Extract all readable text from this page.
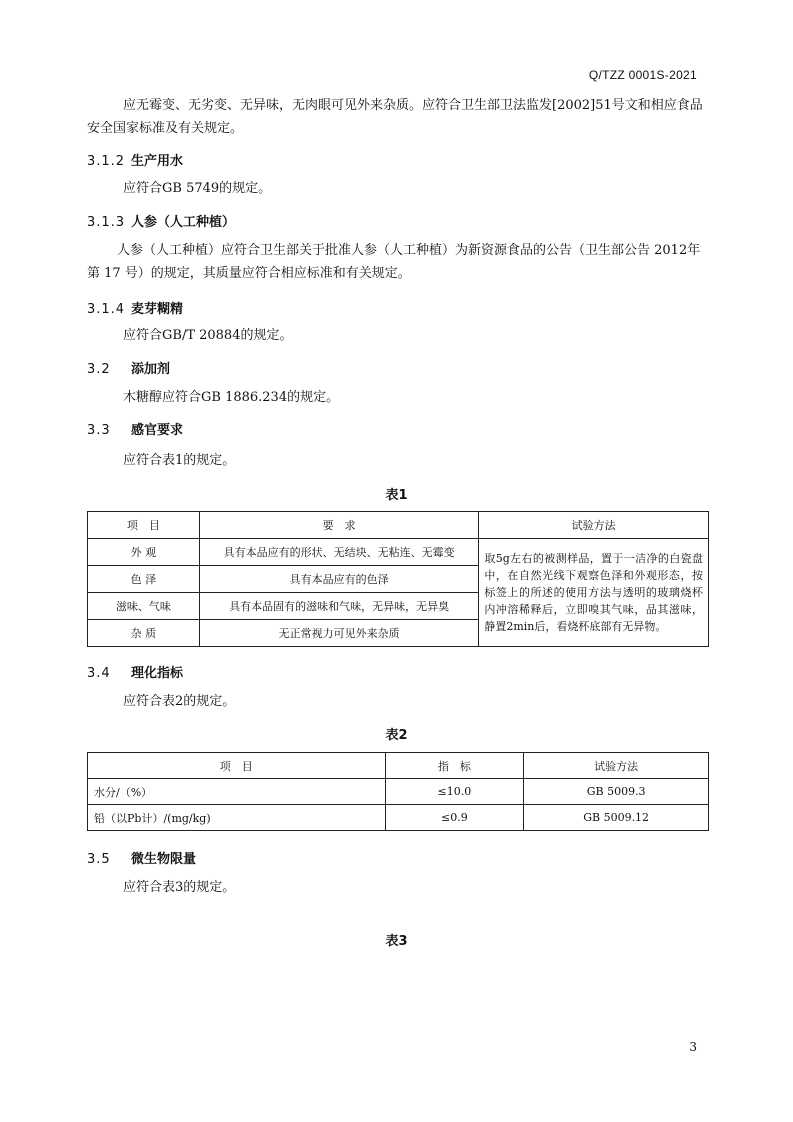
Q/TZZ 0001S-2021
应无霉变、无劣变、无异味，无肉眼可见外来杂质。应符合卫生部卫法监发[2002]51号文和相应食品安全国家标准及有关规定。
3.1.2 生产用水
应符合GB 5749的规定。
3.1.3 人参（人工种植）
人参（人工种植）应符合卫生部关于批准人参（人工种植）为新资源食品的公告（卫生部公告 2012年第 17 号）的规定，其质量应符合相应标准和有关规定。
3.1.4 麦芽糊精
应符合GB/T 20884的规定。
3.2 添加剂
木糖醇应符合GB 1886.234的规定。
3.3 感官要求
应符合表1的规定。
表1
项　目	要　求	试验方法
外 观	具有本品应有的形状、无结块、无粘连、无霉变	取5g左右的被测样品，置于一洁净的白瓷盘中，在自然光线下观察色泽和外观形态，按标签上的所述的使用方法与透明的玻璃烧杯内冲溶稀释后，立即嗅其气味，品其滋味，静置2min后，看烧杯底部有无异物。
色 泽	具有本品应有的色泽	
滋味、气味	具有本品固有的滋味和气味，无异味，无异臭	
杂 质	无正常视力可见外来杂质	
3.4 理化指标
应符合表2的规定。
表2
项　目	指　标	试验方法
水分/（%）	≤10.0	GB 5009.3
铅（以Pb计）/(mg/kg)	≤0.9	GB 5009.12
3.5 微生物限量
应符合表3的规定。
表3
3
